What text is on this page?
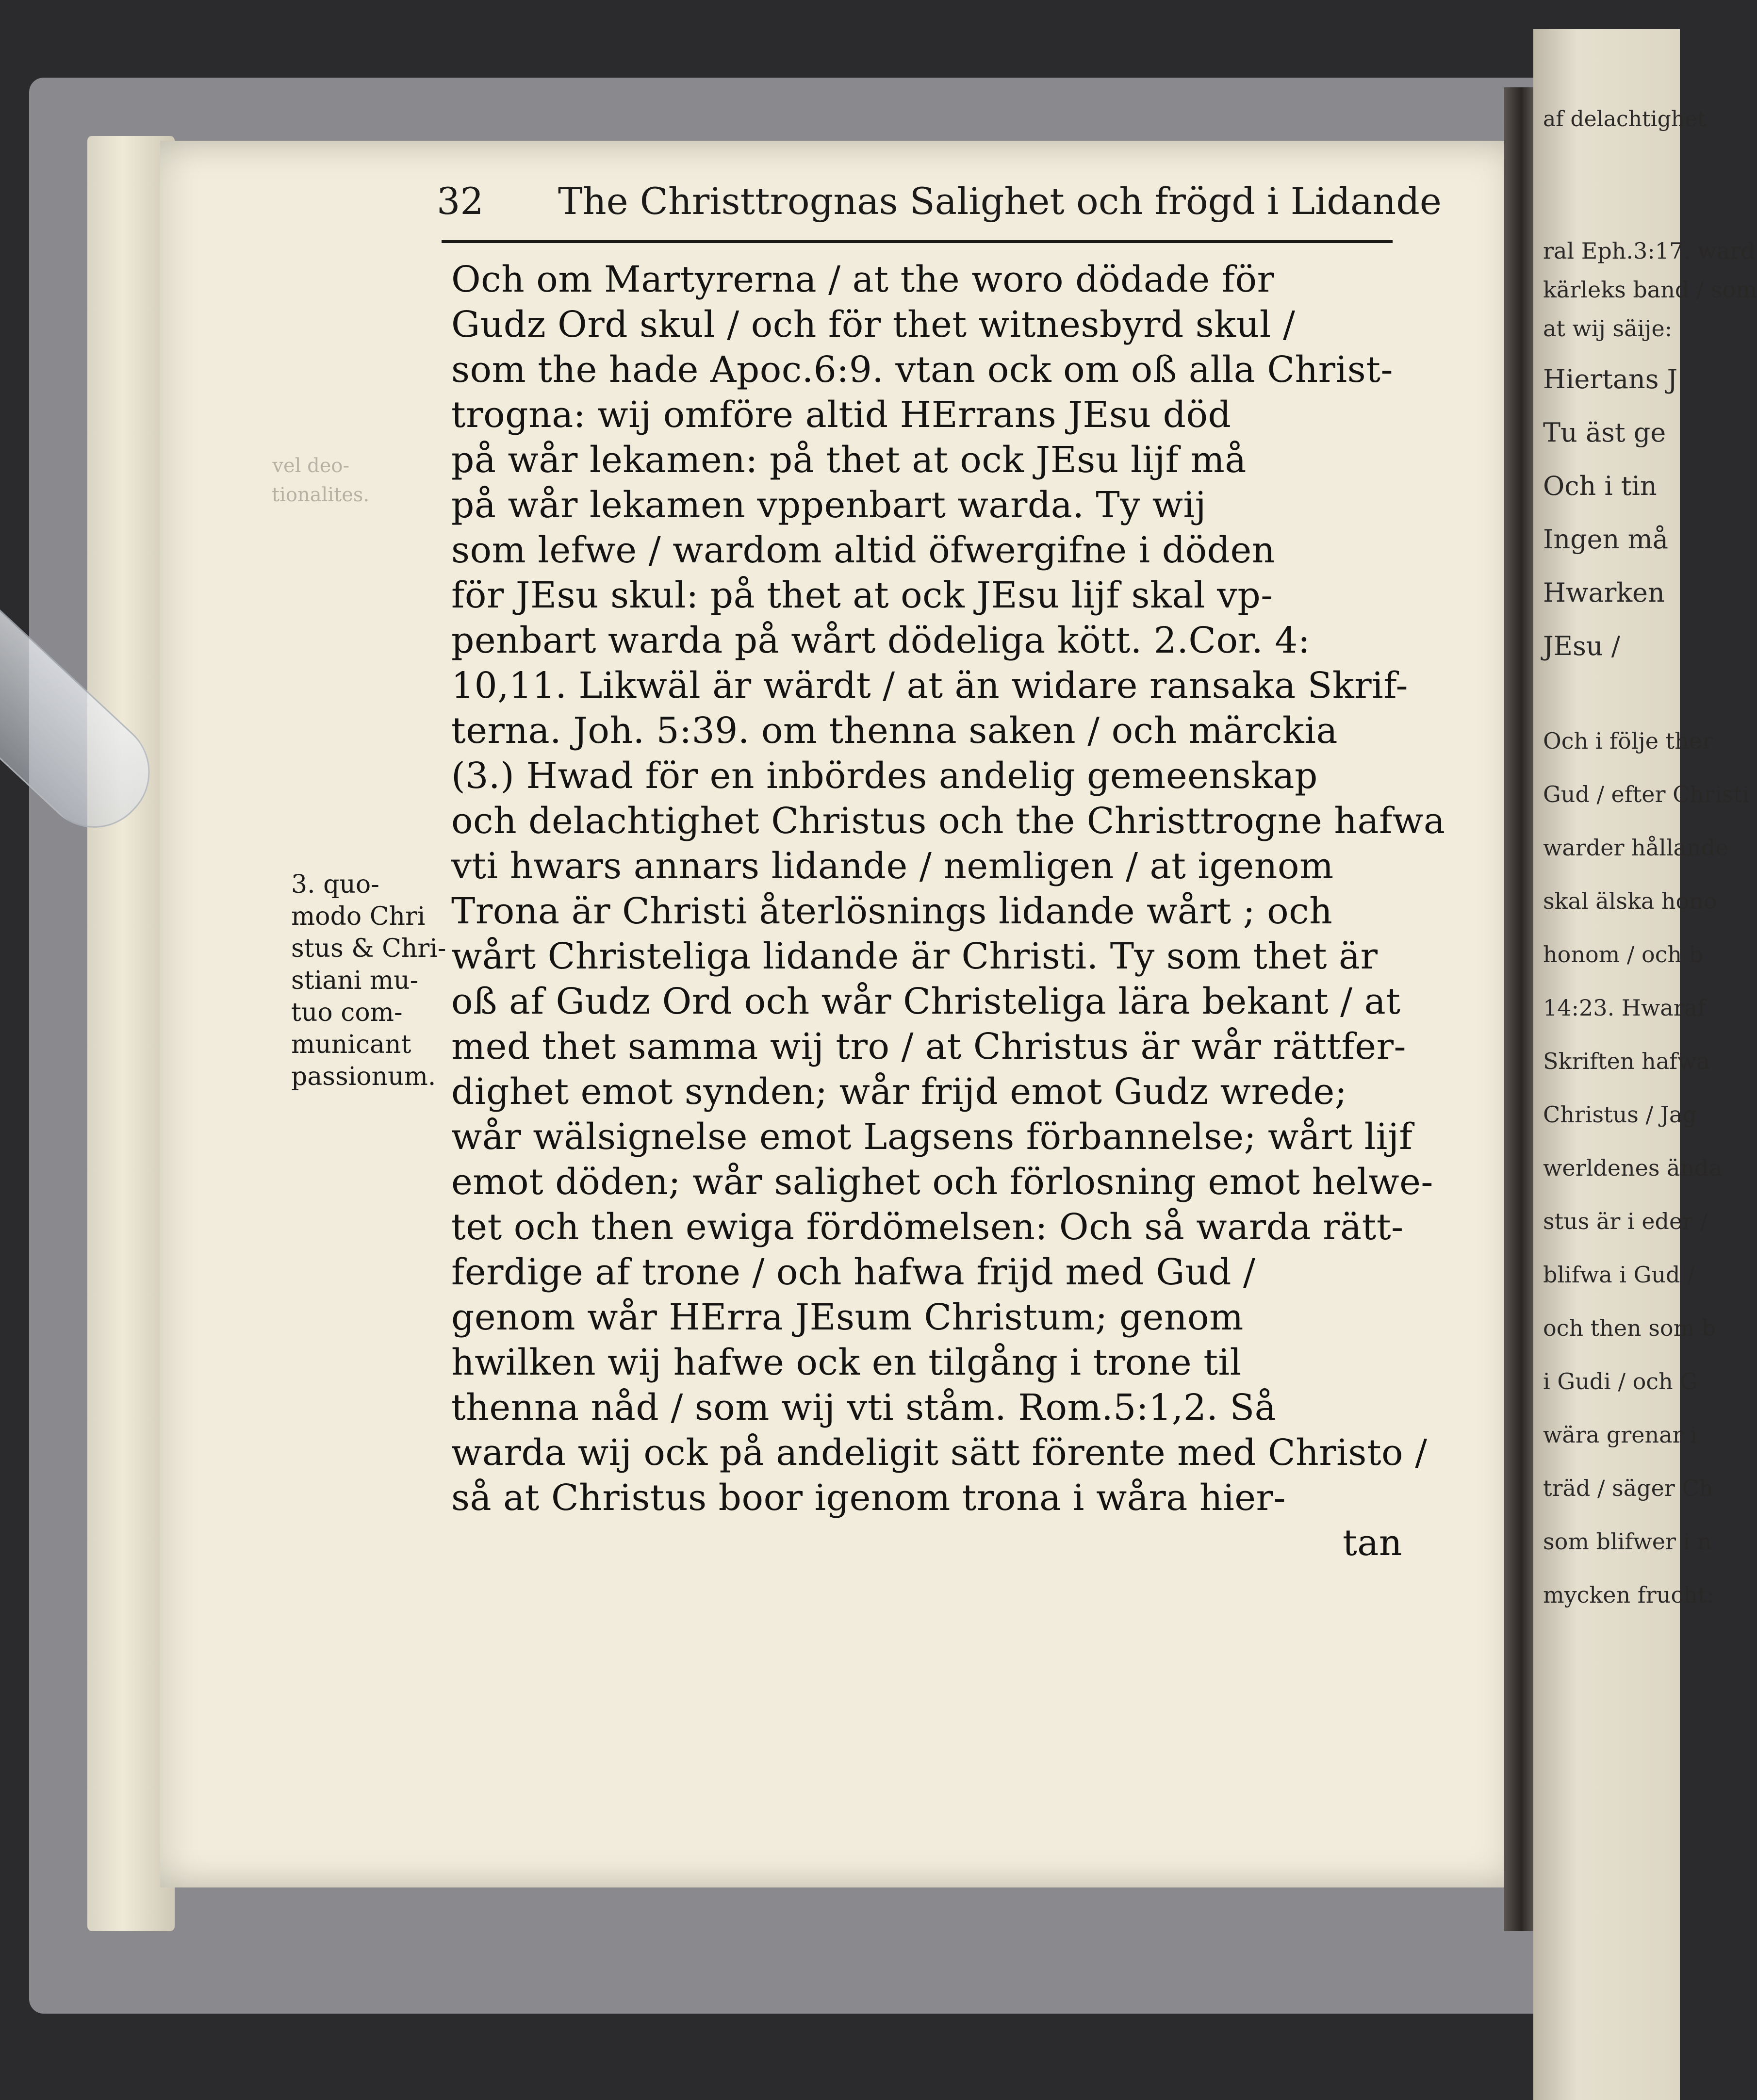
vel deo-
tionalites.
32 The Christtrognas Salighet och frögd i Lidande
Och om Martyrerna / at the woro dödade för
Gudz Ord skul / och för thet witnesbyrd skul /
som the hade Apoc.6:9. vtan ock om oß alla Christ-
trogna: wij omföre altid HErrans JEsu död
på wår lekamen: på thet at ock JEsu lijf må
på wår lekamen vppenbart warda. Ty wij
som lefwe / wardom altid öfwergifne i döden
för JEsu skul: på thet at ock JEsu lijf skal vp-
penbart warda på wårt dödeliga kött. 2.Cor. 4:
10,11. Likwäl är wärdt / at än widare ransaka Skrif-
terna. Joh. 5:39. om thenna saken / och märckia
(3.) Hwad för en inbördes andelig gemeenskap
och delachtighet Christus och the Christtrogne hafwa
vti hwars annars lidande / nemligen / at igenom
Trona är Christi återlösnings lidande wårt ; och
wårt Christeliga lidande är Christi. Ty som thet är
oß af Gudz Ord och wår Christeliga lära bekant / at
med thet samma wij tro / at Christus är wår rättfer-
dighet emot synden; wår frijd emot Gudz wrede;
wår wälsignelse emot Lagsens förbannelse; wårt lijf
emot döden; wår salighet och förlosning emot helwe-
tet och then ewiga fördömelsen: Och så warda rätt-
ferdige af trone / och hafwa frijd med Gud /
genom wår HErra JEsum Christum; genom
hwilken wij hafwe ock en tilgång i trone til
thenna nåd / som wij vti ståm. Rom.5:1,2. Så
warda wij ock på andeligit sätt förente med Christo /
så at Christus boor igenom trona i wåra hier-
tan
3. quo-
modo Chri
stus & Chri-
stiani mu-
tuo com-
municant
passionum.
af delachtighet
ral Eph.3:17. ward
kärleks band / som
at wij säije:
Hiertans J
Tu äst ge
Och i tin
Ingen må
Hwarken
JEsu /
Och i följe ther
Gud / efter Christi
warder hållande
skal älska hono
honom / och b
14:23. Hwaraf
Skriften hafwa
Christus / Jag
werldenes ända
stus är i eder /
blifwa i Gud /
och then som b
i Gudi / och G
wära grenar i
träd / säger Ch
som blifwer i n
mycken frucht:
